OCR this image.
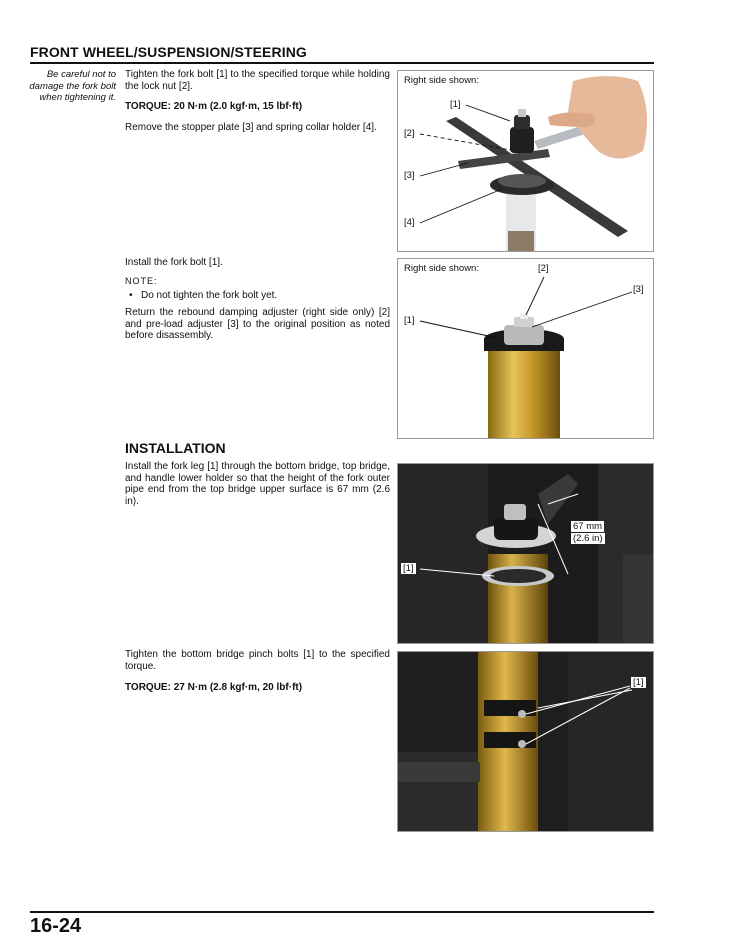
FRONT WHEEL/SUSPENSION/STEERING
Be careful not to damage the fork bolt when tightening it.
Tighten the fork bolt [1] to the specified torque while holding the lock nut [2].
TORQUE: 20 N·m (2.0 kgf·m, 15 lbf·ft)
Remove the stopper plate [3] and spring collar holder [4].
Right side shown:
[1]
[2]
[3]
[4]
Install the fork bolt [1].
NOTE:
• Do not tighten the fork bolt yet.
Return the rebound damping adjuster (right side only) [2] and pre-load adjuster [3] to the original position as noted before disassembly.
Right side shown:
[1]
[2]
[3]
INSTALLATION
Install the fork leg [1] through the bottom bridge, top bridge, and handle lower holder so that the height of the fork outer pipe end from the top bridge upper surface is 67 mm (2.6 in).
67 mm
(2.6 in)
[1]
Tighten the bottom bridge pinch bolts [1] to the specified torque.
TORQUE: 27 N·m (2.8 kgf·m, 20 lbf·ft)	[1]
16-24
